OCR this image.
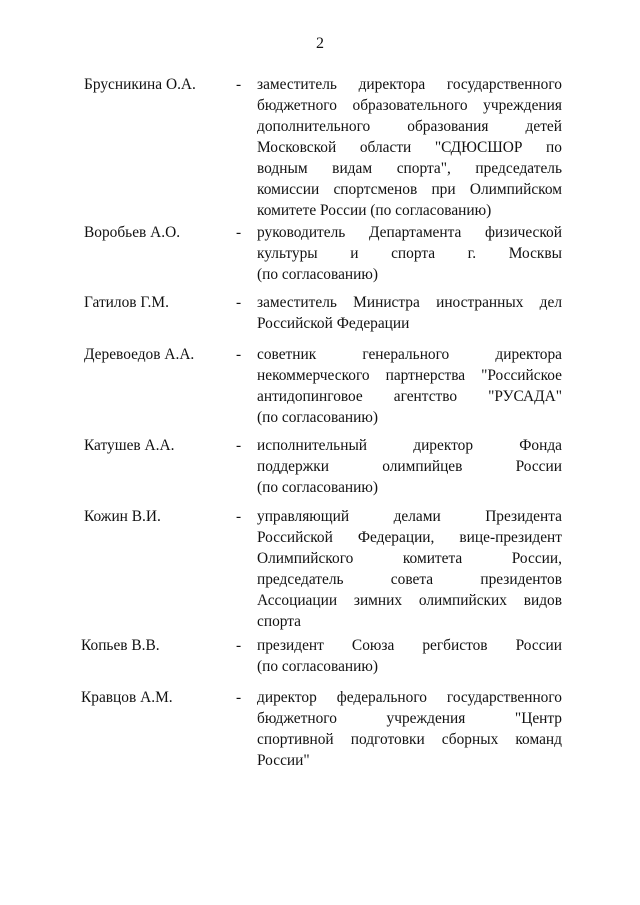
2
Брусникина О.А.	- заместитель директора государственного
бюджетного образовательного учреждения
дополнительного образования детей
Московской области "СДЮСШОР по
водным видам спорта", председатель
комиссии спортсменов при Олимпийском
комитете России (по согласованию)
Воробьев А.О.	- руководитель Департамента физической
культуры и спорта г. Москвы
(по согласованию)
Гатилов Г.М.	- заместитель Министра иностранных дел
Российской Федерации
Деревоедов А.А.	- советник генерального директора
некоммерческого партнерства "Российское
антидопинговое агентство "РУСАДА"
(по согласованию)
Катушев А.А.	- исполнительный директор Фонда
поддержки олимпийцев России
(по согласованию)
Кожин В.И.	- управляющий делами Президента
Российской Федерации, вице-президент
Олимпийского комитета России,
председатель совета президентов
Ассоциации зимних олимпийских видов
спорта
Копьев В.В.	- президент Союза регбистов России
(по согласованию)
Кравцов А.М.	- директор федерального государственного
бюджетного учреждения "Центр
спортивной подготовки сборных команд
России"
